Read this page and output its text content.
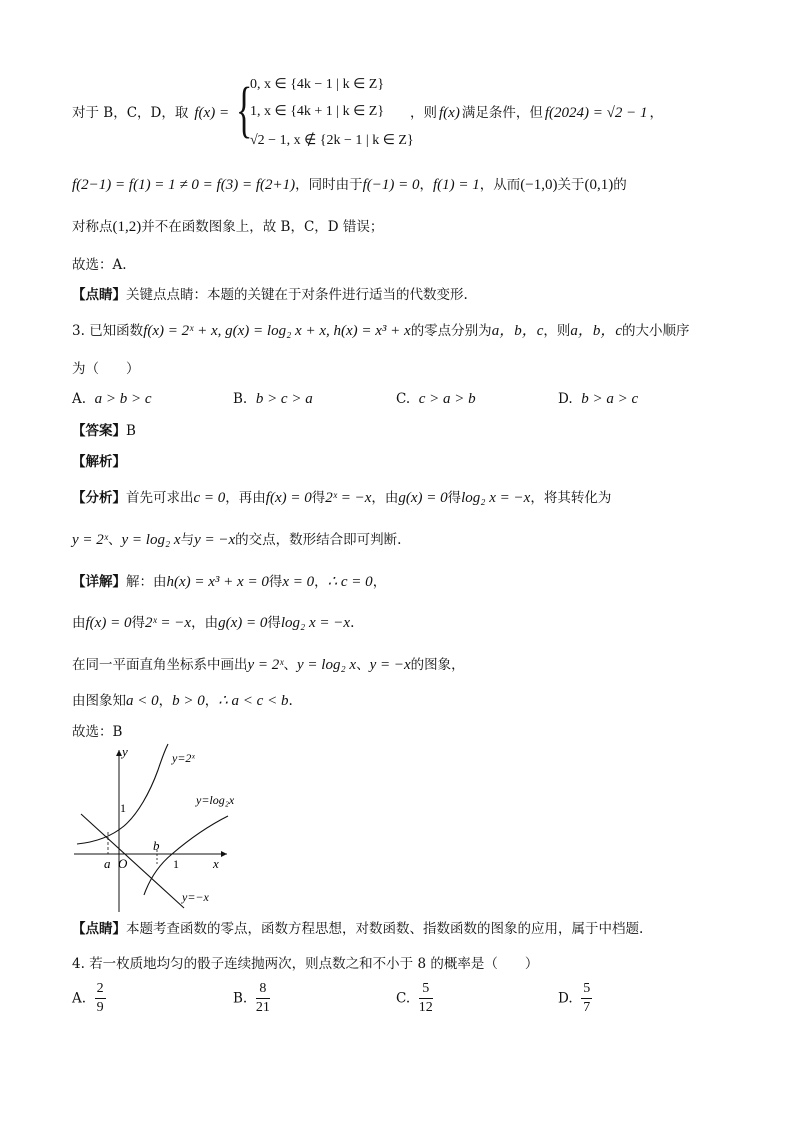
对于 B，C，D，取 f(x) = {
0, x ∈ {4k − 1 | k ∈ Z}
1, x ∈ {4k + 1 | k ∈ Z}
√2 − 1, x ∉ {2k − 1 | k ∈ Z}
，则 f(x) 满足条件，但 f(2024) = √2 − 1 ，
f(2−1) = f(1) = 1 ≠ 0 = f(3) = f(2+1)，同时由于f(−1) = 0，f(1) = 1，从而(−1,0)关于(0,1)的
对称点(1,2)并不在函数图象上，故 B，C，D 错误；
故选：A.
【点睛】关键点点睛：本题的关键在于对条件进行适当的代数变形.
3. 已知函数f(x) = 2ˣ + x, g(x) = log₂ x + x, h(x) = x³ + x的零点分别为a，b，c，则a，b，c的大小顺序
为（　　）
A. a > b > c	B. b > c > a	C. c > a > b	D. b > a > c
【答案】B
【解析】
【分析】首先可求出c = 0，再由f(x) = 0得2ˣ = −x，由g(x) = 0得log₂ x = −x，将其转化为
y = 2ˣ、y = log₂ x与y = −x的交点，数形结合即可判断.
【详解】解：由h(x) = x³ + x = 0得x = 0，∴ c = 0，
由f(x) = 0得2ˣ = −x，由g(x) = 0得log₂ x = −x.
在同一平面直角坐标系中画出y = 2ˣ、y = log₂ x、y = −x的图象，
由图象知a < 0，b > 0，∴ a < c < b.
故选：B
y
x
O
1
1
a
b
y=2ˣ
y=log₂x
y=−x
【点睛】本题考查函数的零点，函数方程思想，对数函数、指数函数的图象的应用，属于中档题.
4. 若一枚质地均匀的骰子连续抛两次，则点数之和不小于 8 的概率是（　　）
A. $\frac{2}{9}$	B. $\frac{8}{21}$	C. $\frac{5}{12}$	D. $\frac{5}{7}$
